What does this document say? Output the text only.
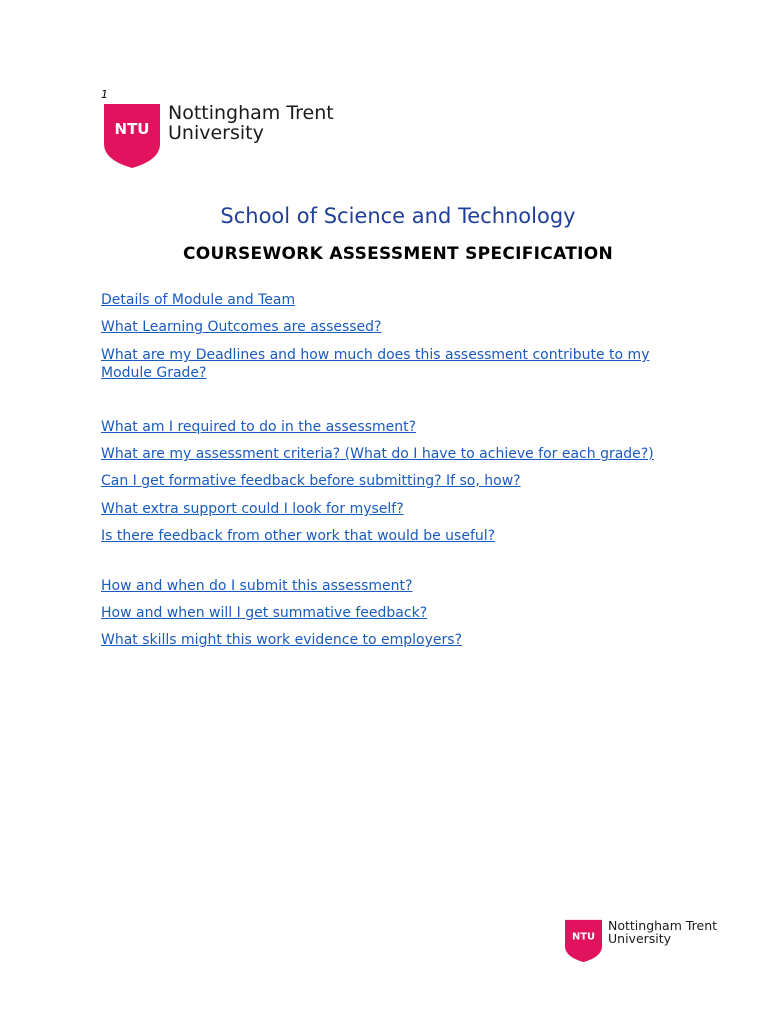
1
NTU
Nottingham Trent
University
School of Science and Technology
COURSEWORK ASSESSMENT SPECIFICATION
Details of Module and Team
What Learning Outcomes are assessed?
What are my Deadlines and how much does this assessment contribute to my Module Grade?
What am I required to do in the assessment?
What are my assessment criteria? (What do I have to achieve for each grade?)
Can I get formative feedback before submitting? If so, how?
What extra support could I look for myself?
Is there feedback from other work that would be useful?
How and when do I submit this assessment?
How and when will I get summative feedback?
What skills might this work evidence to employers?
NTU
Nottingham Trent
University
